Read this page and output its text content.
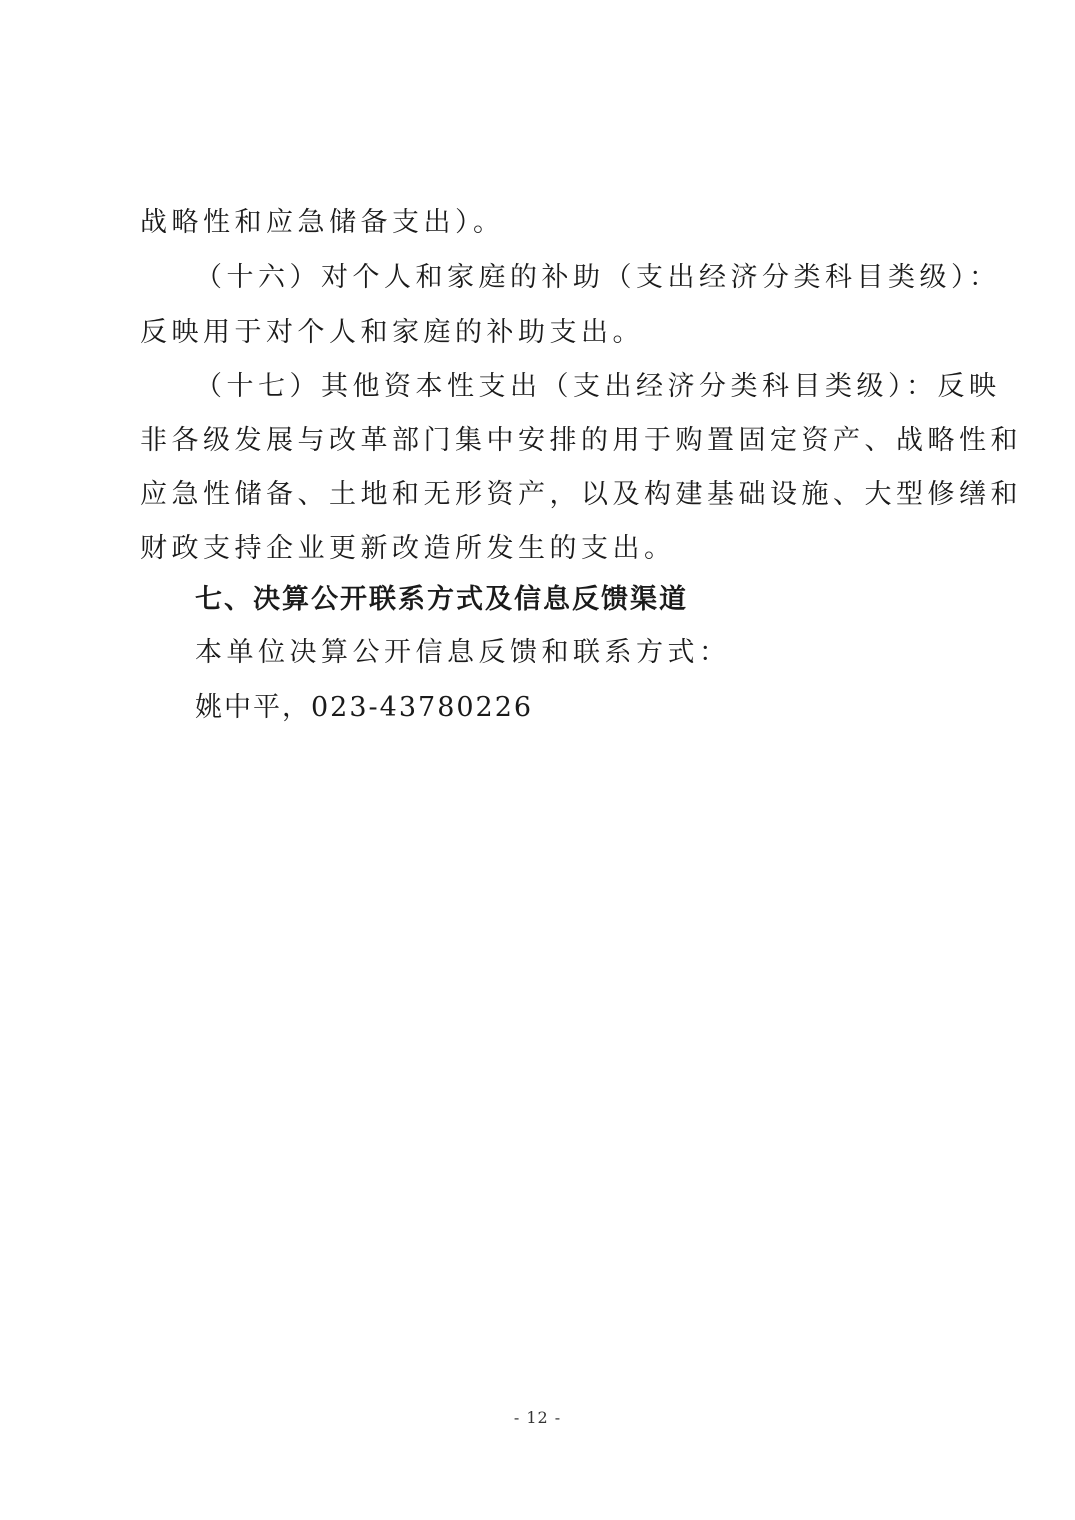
战略性和应急储备支出）。
（十六）对个人和家庭的补助（支出经济分类科目类级）：
反映用于对个人和家庭的补助支出。
（十七）其他资本性支出（支出经济分类科目类级）：反映
非各级发展与改革部门集中安排的用于购置固定资产、战略性和
应急性储备、土地和无形资产，以及构建基础设施、大型修缮和
财政支持企业更新改造所发生的支出。
七、决算公开联系方式及信息反馈渠道
本单位决算公开信息反馈和联系方式：
姚中平，023-43780226
- 12 -
